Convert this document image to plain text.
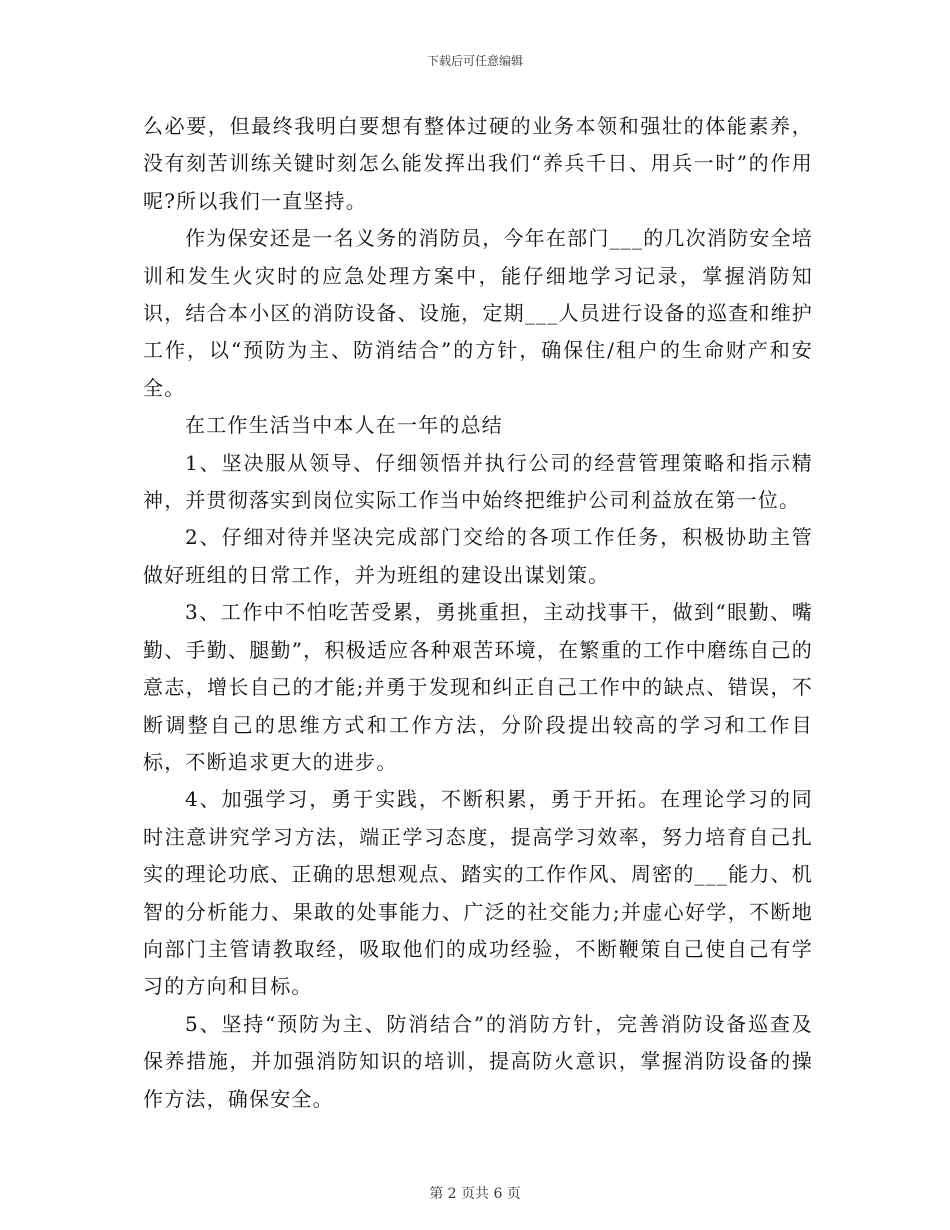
下载后可任意编辑

么必要，但最终我明白要想有整体过硬的业务本领和强壮的体能素养，没有刻苦训练关键时刻怎么能发挥出我们“养兵千日、用兵一时”的作用呢?所以我们一直坚持。

作为保安还是一名义务的消防员，今年在部门___的几次消防安全培训和发生火灾时的应急处理方案中，能仔细地学习记录，掌握消防知识，结合本小区的消防设备、设施，定期___人员进行设备的巡查和维护工作，以“预防为主、防消结合”的方针，确保住/租户的生命财产和安全。

在工作生活当中本人在一年的总结

1、坚决服从领导、仔细领悟并执行公司的经营管理策略和指示精神，并贯彻落实到岗位实际工作当中始终把维护公司利益放在第一位。

2、仔细对待并坚决完成部门交给的各项工作任务，积极协助主管做好班组的日常工作，并为班组的建设出谋划策。

3、工作中不怕吃苦受累，勇挑重担，主动找事干，做到“眼勤、嘴勤、手勤、腿勤”，积极适应各种艰苦环境，在繁重的工作中磨练自己的意志，增长自己的才能;并勇于发现和纠正自己工作中的缺点、错误，不断调整自己的思维方式和工作方法，分阶段提出较高的学习和工作目标，不断追求更大的进步。

4、加强学习，勇于实践，不断积累，勇于开拓。在理论学习的同时注意讲究学习方法，端正学习态度，提高学习效率，努力培育自己扎实的理论功底、正确的思想观点、踏实的工作作风、周密的___能力、机智的分析能力、果敢的处事能力、广泛的社交能力;并虚心好学，不断地向部门主管请教取经，吸取他们的成功经验，不断鞭策自己使自己有学习的方向和目标。

5、坚持“预防为主、防消结合”的消防方针，完善消防设备巡查及保养措施，并加强消防知识的培训，提高防火意识，掌握消防设备的操作方法，确保安全。

第 2 页共 6 页
